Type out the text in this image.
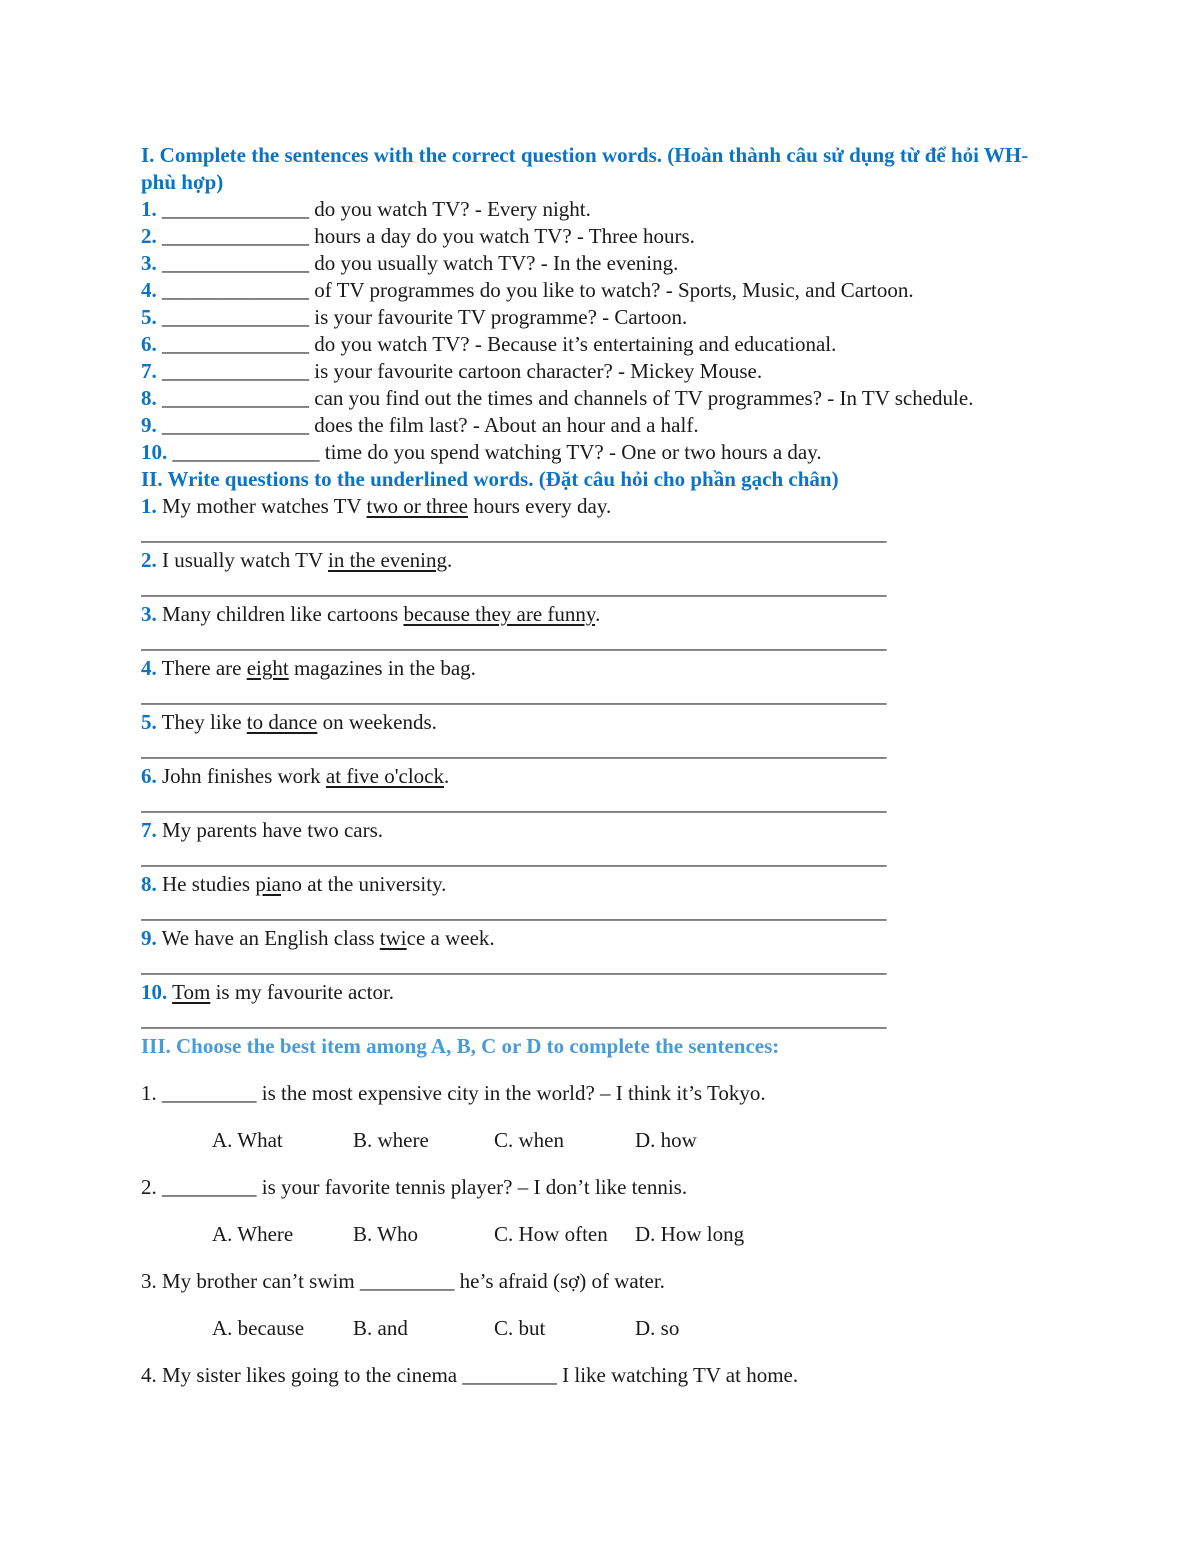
I. Complete the sentences with the correct question words. (Hoàn thành câu sử dụng từ để hỏi WH- phù hợp)
1. ______________ do you watch TV? - Every night.
2. ______________ hours a day do you watch TV? - Three hours.
3. ______________ do you usually watch TV? - In the evening.
4. ______________ of TV programmes do you like to watch? - Sports, Music, and Cartoon.
5. ______________ is your favourite TV programme? - Cartoon.
6. ______________ do you watch TV? - Because it’s entertaining and educational.
7. ______________ is your favourite cartoon character? - Mickey Mouse.
8. ______________ can you find out the times and channels of TV programmes? - In TV schedule.
9. ______________ does the film last? - About an hour and a half.
10. ______________ time do you spend watching TV? - One or two hours a day.
II. Write questions to the underlined words. (Đặt câu hỏi cho phần gạch chân)
1. My mother watches TV two or three hours every day.
_______________________________________________________________________
2. I usually watch TV in the evening.
_______________________________________________________________________
3. Many children like cartoons because they are funny.
_______________________________________________________________________
4. There are eight magazines in the bag.
_______________________________________________________________________
5. They like to dance on weekends.
_______________________________________________________________________
6. John finishes work at five o'clock.
_______________________________________________________________________
7. My parents have two cars.
_______________________________________________________________________
8. He studies piano at the university.
_______________________________________________________________________
9. We have an English class twice a week.
_______________________________________________________________________
10. Tom is my favourite actor.
_______________________________________________________________________
III. Choose the best item among A, B, C or D to complete the sentences:
1. _________ is the most expensive city in the world? – I think it’s Tokyo.
A. What	B. where	C. when	D. how
2. _________ is your favorite tennis player? – I don’t like tennis.
A. Where	B. Who	C. How often D. How long
3. My brother can’t swim _________ he’s afraid (sợ) of water.
A. because B. and	C. but	D. so
4. My sister likes going to the cinema _________ I like watching TV at home.
